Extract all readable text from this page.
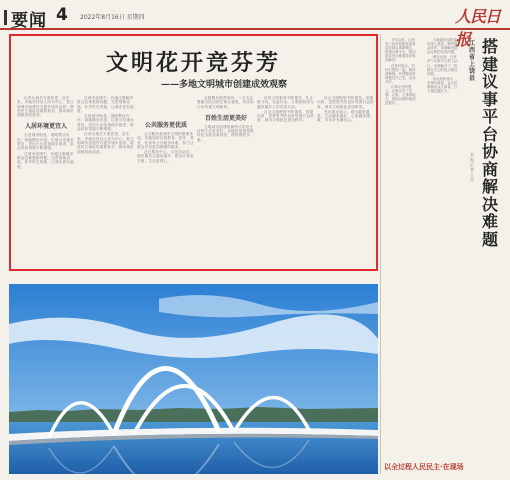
要闻 4 2022年8月16日 星期四	人民日报
文明花开竞芬芳
——多地文明城市创建成效观察

记者从相关方面获悉，近年来，多地坚持以人民为中心，把文明城市创建作为提升城市品质、增进民生福祉的重要抓手，推动城市面貌持续改善。

人居环境更宜人

走进城市街巷，道路整洁有序，绿地随处可见，垃圾分类逐步普及，老旧小区改造稳步推进，群众的获得感不断增强。

在城市创建中，各地注重解决群众急难愁盼问题，完善基础设施，补齐民生短板，让城市更有温度。

在城市创建中，各地注重解决群众急难愁盼问题，完善基础设施，补齐民生短板，让城市更有温度。

走进城市街巷，道路整洁有序，绿地随处可见，垃圾分类逐步普及，老旧小区改造稳步推进，群众的获得感不断增强。

记者从相关方面获悉，近年来，多地坚持以人民为中心，把文明城市创建作为提升城市品质、增进民生福祉的重要抓手，推动城市面貌持续改善。

公共服务更优质

公共服务是城市文明的重要体现。各地加快完善教育、医疗、养老、托育等公共服务体系，努力让群众享受更加便捷的服务。

社区服务中心、文化活动站、便民服务点越来越多，群众办事更方便，生活更舒心。

志愿服务蔚然成风，一支支志愿服务队活跃在街头巷尾，用实际行动传递文明新风。

百姓生活更美好

文明城市创建的最终目的是让百姓生活更美好。各地把创建成果转化为群众看得见、摸得着的实惠。

市民文明素养不断提升，礼让斑马线、光盘行动、文明旅游成为越来越多人的自觉行动。

社会文明程度不断提高，崇德向善、见贤思齐的良好氛围日益浓厚，城市文明底色更加鲜亮。

社会文明程度不断提高，崇德向善、见贤思齐的良好氛围日益浓厚，城市文明底色更加鲜亮。

受访群众表示，城市越来越美，生活越来越好，心里越来越暖，对未来充满信心。

今年以来，江西省上饶县积极探索基层协商议事新模式，搭建议事平台，推动群众身边难题得到有效解决。

在某村委会，村民们围坐一起，就村道修缮、环境整治等问题各抒己见，达成共识。

议事平台的建立，让群众有了说事、议事、主事的地方，基层治理效能明显提升。

当地政协组织委员深入基层，倾听群众呼声，协调解决群众反映的实际问题。

截至目前，已有多个议事平台投入运行，协商解决了一批群众关心的热点难点问题。

群众纷纷表示，有事好商量，众人的事情由众人商量，日子越过越红火。

江西省上饶县
搭建议事平台 协商解决难题
本报记者 王丹
以全过程人民民主·在现场
